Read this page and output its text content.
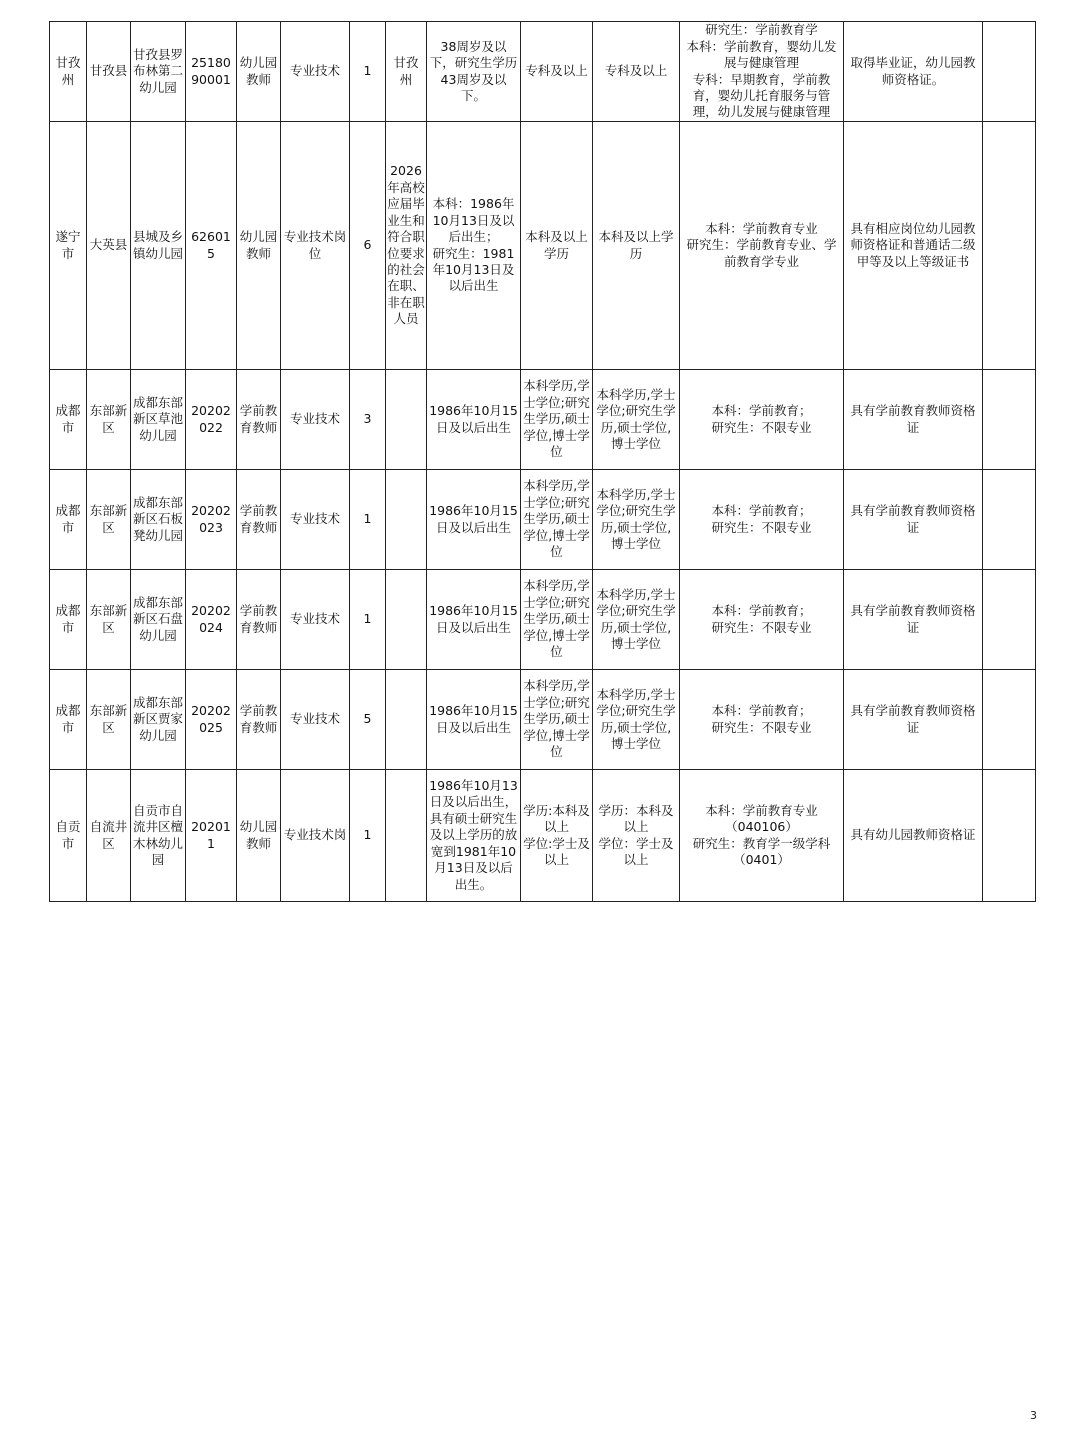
甘孜州	甘孜县	甘孜县罗布林第二幼儿园	2518090001	幼儿园教师	专业技术	1	甘孜州	38周岁及以下，研究生学历43周岁及以下。	专科及以上	专科及以上	研究生：学前教育学
本科：学前教育，婴幼儿发展与健康管理
专科：早期教育，学前教育，婴幼儿托育服务与管理，幼儿发展与健康管理	取得毕业证，幼儿园教师资格证。	
遂宁市	大英县	县城及乡镇幼儿园	626015	幼儿园教师	专业技术岗位	6	2026年高校应届毕业生和符合职位要求的社会在职、非在职人员	本科：1986年10月13日及以后出生；
研究生：1981年10月13日及以后出生	本科及以上学历	本科及以上学历	本科：学前教育专业
研究生：学前教育专业、学前教育学专业	具有相应岗位幼儿园教师资格证和普通话二级甲等及以上等级证书	
成都市	东部新区	成都东部新区草池幼儿园	20202022	学前教育教师	专业技术	3		1986年10月15日及以后出生	本科学历,学士学位;研究生学历,硕士学位,博士学位	本科学历,学士学位;研究生学历,硕士学位,博士学位	本科：学前教育；
研究生：不限专业	具有学前教育教师资格证	
成都市	东部新区	成都东部新区石板凳幼儿园	20202023	学前教育教师	专业技术	1		1986年10月15日及以后出生	本科学历,学士学位;研究生学历,硕士学位,博士学位	本科学历,学士学位;研究生学历,硕士学位,博士学位	本科：学前教育；
研究生：不限专业	具有学前教育教师资格证	
成都市	东部新区	成都东部新区石盘幼儿园	20202024	学前教育教师	专业技术	1		1986年10月15日及以后出生	本科学历,学士学位;研究生学历,硕士学位,博士学位	本科学历,学士学位;研究生学历,硕士学位,博士学位	本科：学前教育；
研究生：不限专业	具有学前教育教师资格证	
成都市	东部新区	成都东部新区贾家幼儿园	20202025	学前教育教师	专业技术	5		1986年10月15日及以后出生	本科学历,学士学位;研究生学历,硕士学位,博士学位	本科学历,学士学位;研究生学历,硕士学位,博士学位	本科：学前教育；
研究生：不限专业	具有学前教育教师资格证	
自贡市	自流井区	自贡市自流井区檀木林幼儿园	202011	幼儿园教师	专业技术岗	1		1986年10月13日及以后出生，具有硕士研究生及以上学历的放宽到1981年10月13日及以后出生。	学历:本科及以上
学位:学士及以上	学历：本科及以上
学位：学士及以上	本科：学前教育专业
（040106）
研究生：教育学一级学科
（0401）	具有幼儿园教师资格证	
3
